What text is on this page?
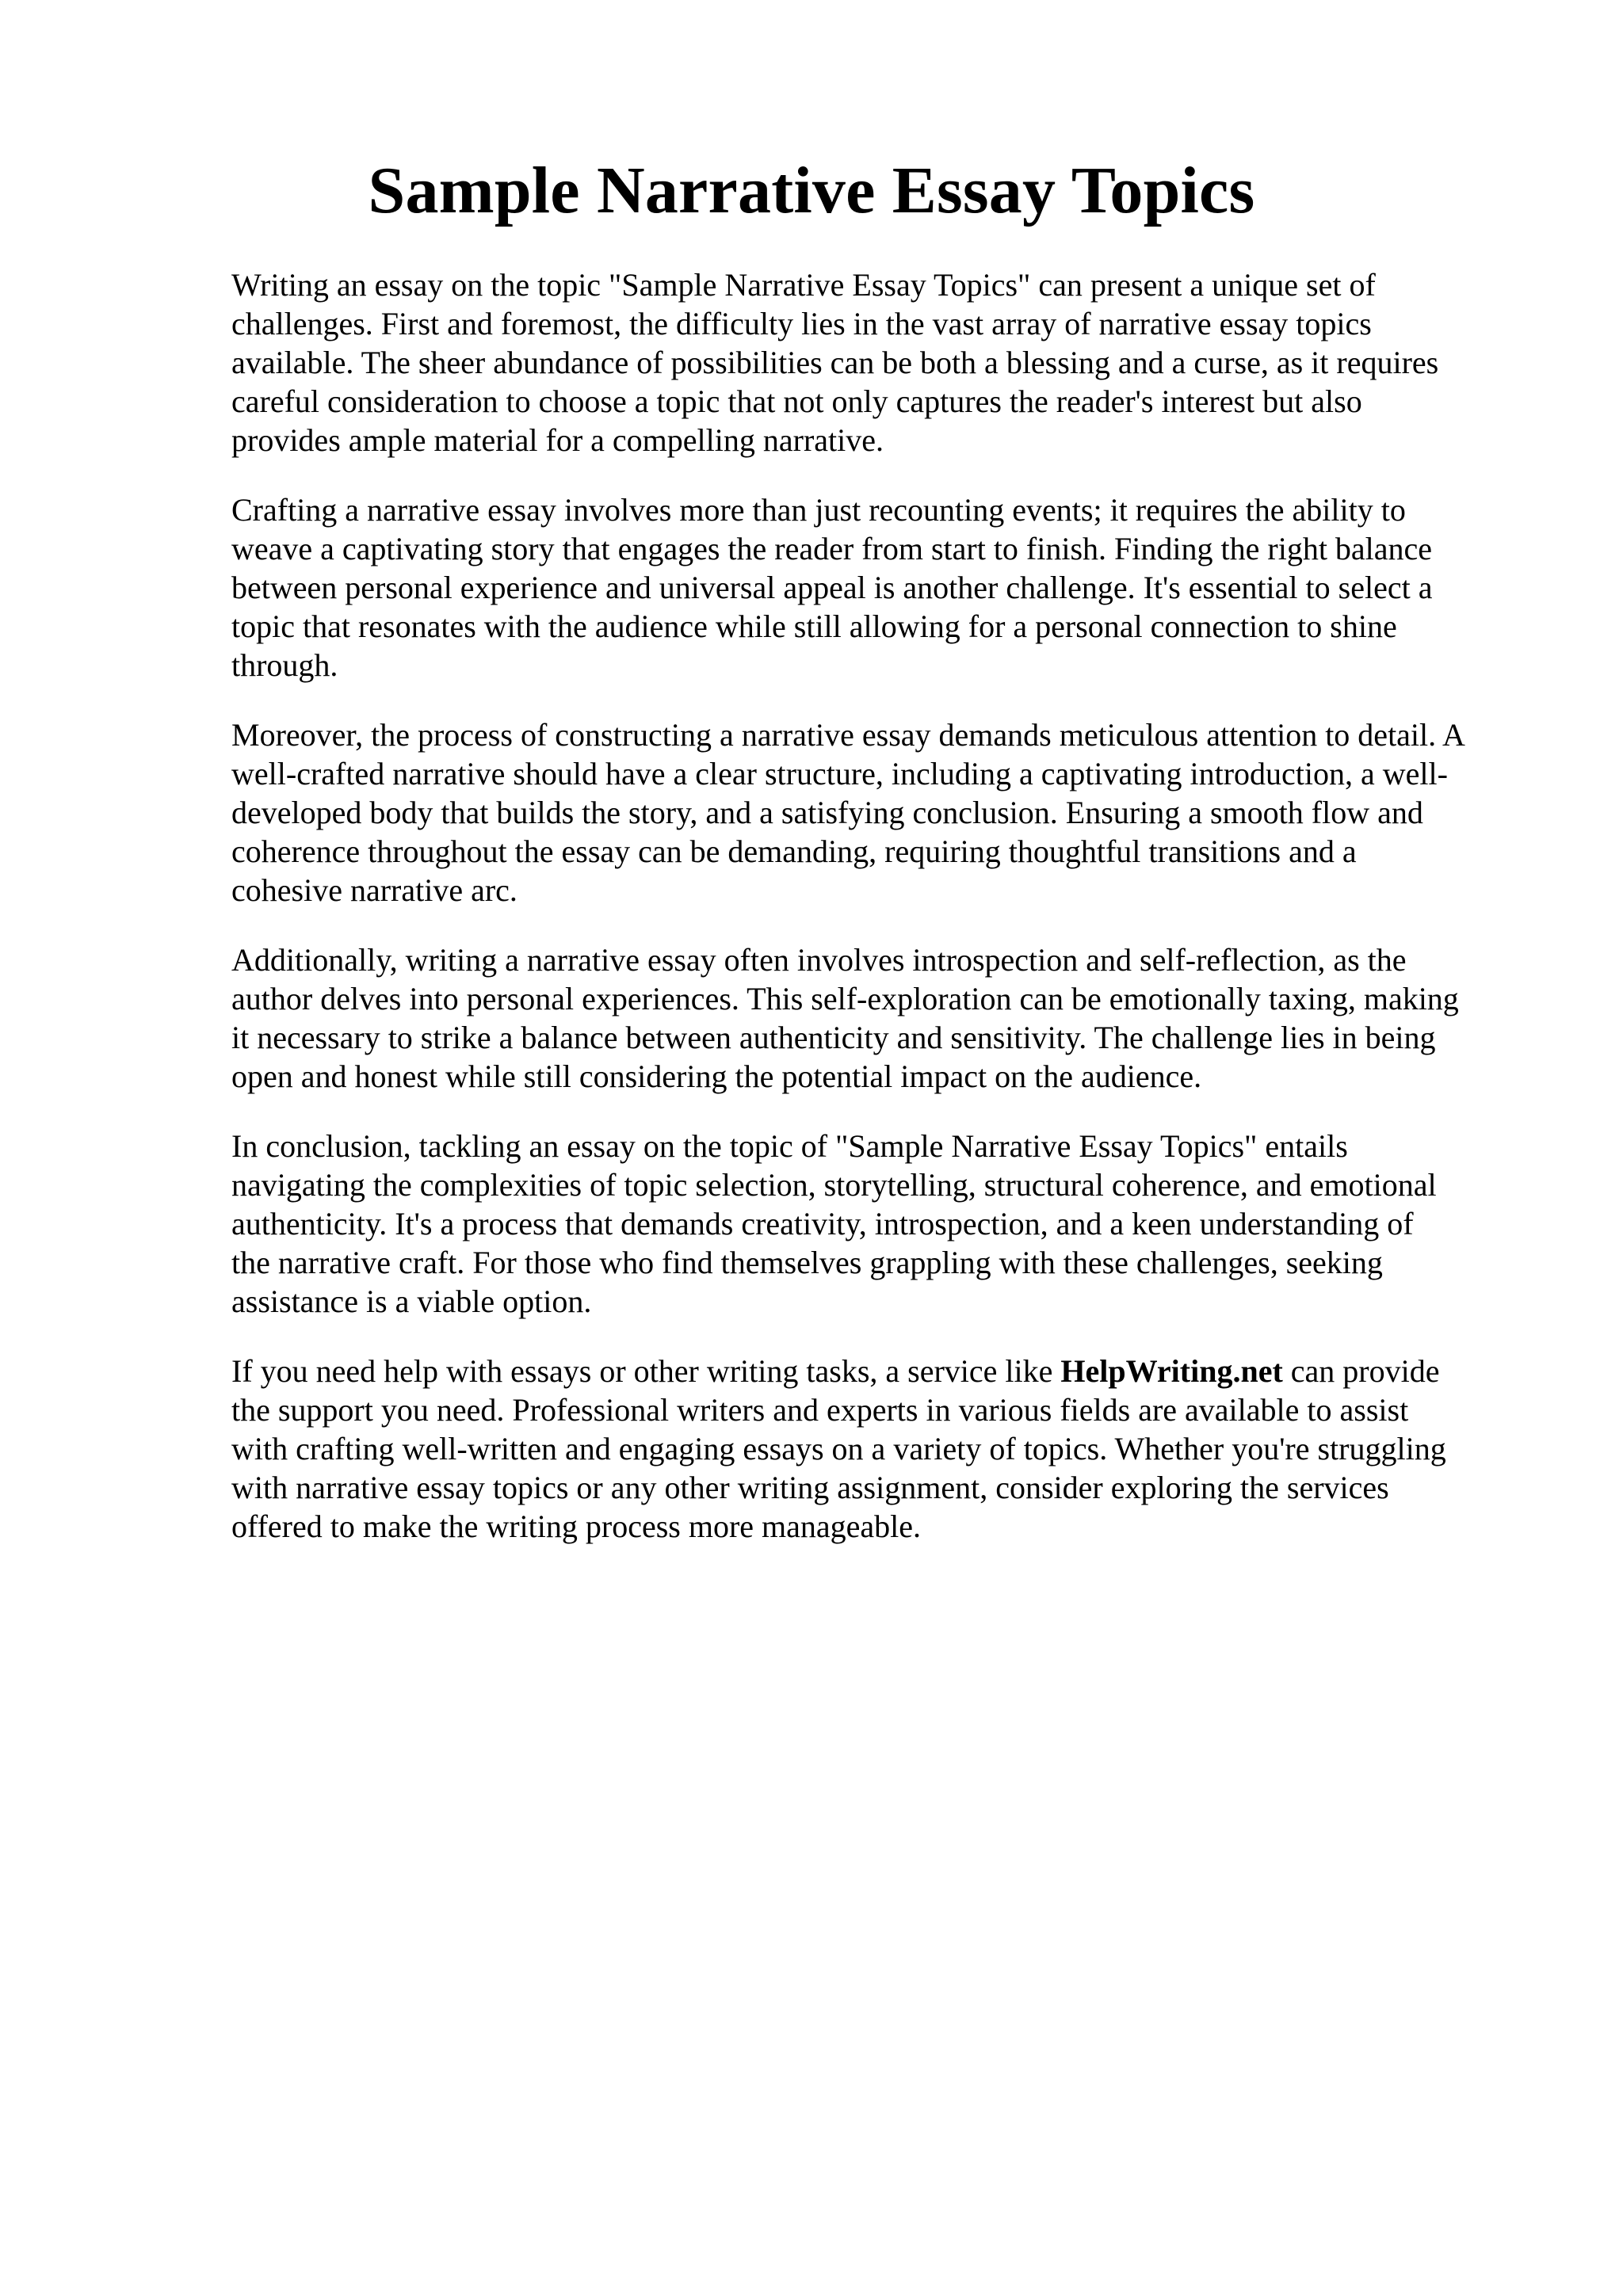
Sample Narrative Essay Topics

Writing an essay on the topic "Sample Narrative Essay Topics" can present a unique set of
challenges. First and foremost, the difficulty lies in the vast array of narrative essay topics
available. The sheer abundance of possibilities can be both a blessing and a curse, as it requires
careful consideration to choose a topic that not only captures the reader's interest but also
provides ample material for a compelling narrative.

Crafting a narrative essay involves more than just recounting events; it requires the ability to
weave a captivating story that engages the reader from start to finish. Finding the right balance
between personal experience and universal appeal is another challenge. It's essential to select a
topic that resonates with the audience while still allowing for a personal connection to shine
through.

Moreover, the process of constructing a narrative essay demands meticulous attention to detail. A
well-crafted narrative should have a clear structure, including a captivating introduction, a well-
developed body that builds the story, and a satisfying conclusion. Ensuring a smooth flow and
coherence throughout the essay can be demanding, requiring thoughtful transitions and a
cohesive narrative arc.

Additionally, writing a narrative essay often involves introspection and self-reflection, as the
author delves into personal experiences. This self-exploration can be emotionally taxing, making
it necessary to strike a balance between authenticity and sensitivity. The challenge lies in being
open and honest while still considering the potential impact on the audience.

In conclusion, tackling an essay on the topic of "Sample Narrative Essay Topics" entails
navigating the complexities of topic selection, storytelling, structural coherence, and emotional
authenticity. It's a process that demands creativity, introspection, and a keen understanding of
the narrative craft. For those who find themselves grappling with these challenges, seeking
assistance is a viable option.

If you need help with essays or other writing tasks, a service like HelpWriting.net can provide
the support you need. Professional writers and experts in various fields are available to assist
with crafting well-written and engaging essays on a variety of topics. Whether you're struggling
with narrative essay topics or any other writing assignment, consider exploring the services
offered to make the writing process more manageable.
